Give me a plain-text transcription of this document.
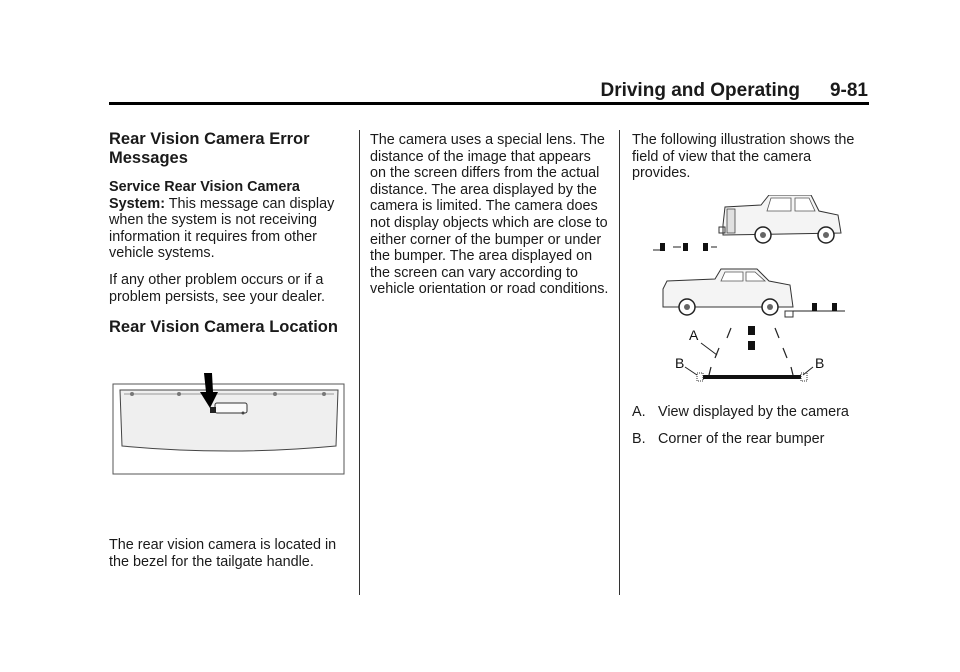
Driving and Operating	9-81
Rear Vision Camera Error Messages

Service Rear Vision Camera System: This message can display when the system is not receiving information it requires from other vehicle systems.

If any other problem occurs or if a problem persists, see your dealer.

Rear Vision Camera Location

The rear vision camera is located in the bezel for the tailgate handle.

The camera uses a special lens. The distance of the image that appears on the screen differs from the actual distance. The area displayed by the camera is limited. The camera does not display objects which are close to either corner of the bumper or under the bumper. The area displayed on the screen can vary according to vehicle orientation or road conditions.

The following illustration shows the field of view that the camera provides.

A
B	B
A. View displayed by the camera
B. Corner of the rear bumper
